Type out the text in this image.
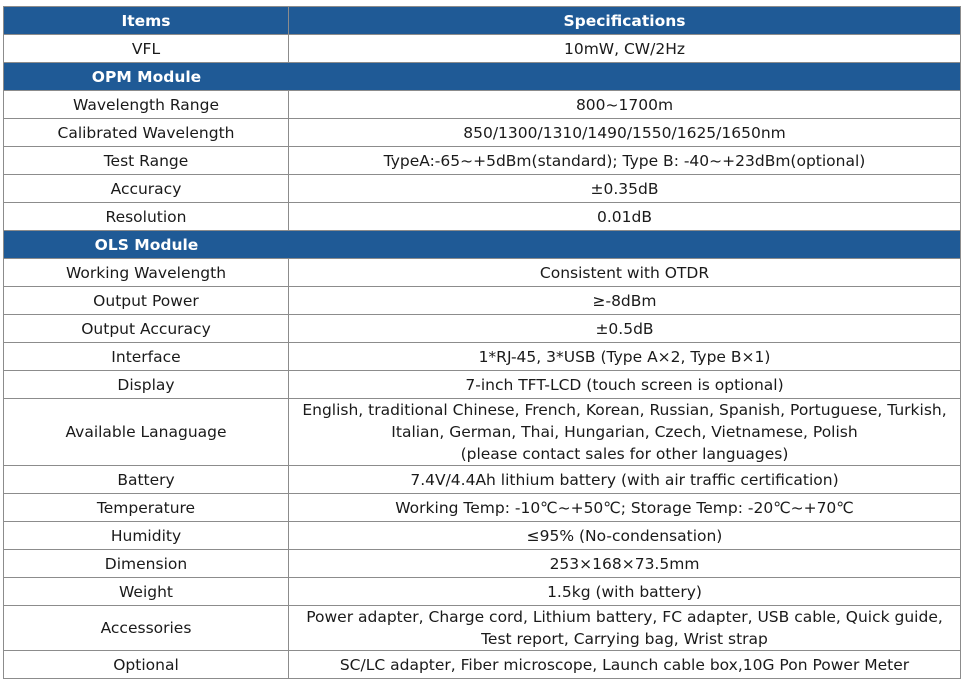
Items	Specifications
VFL	10mW, CW/2Hz
OPM Module	
Wavelength Range	800~1700m
Calibrated Wavelength	850/1300/1310/1490/1550/1625/1650nm
Test Range	TypeA:-65~+5dBm(standard); Type B: -40~+23dBm(optional)
Accuracy	±0.35dB
Resolution	0.01dB
OLS Module	
Working Wavelength	Consistent with OTDR
Output Power	≥-8dBm
Output Accuracy	±0.5dB
Interface	1*RJ-45, 3*USB (Type A×2, Type B×1)
Display	7-inch TFT-LCD (touch screen is optional)
Available Lanaguage	English, traditional Chinese, French, Korean, Russian, Spanish, Portuguese, Turkish,
Italian, German, Thai, Hungarian, Czech, Vietnamese, Polish
(please contact sales for other languages)

Battery	7.4V/4.4Ah lithium battery (with air traffic certification)
Temperature	Working Temp: -10℃~+50℃; Storage Temp: -20℃~+70℃
Humidity	≤95% (No-condensation)
Dimension	253×168×73.5mm
Weight	1.5kg (with battery)
Accessories	Power adapter, Charge cord, Lithium battery, FC adapter, USB cable, Quick guide,
Test report, Carrying bag, Wrist strap

Optional	SC/LC adapter, Fiber microscope, Launch cable box,10G Pon Power Meter
